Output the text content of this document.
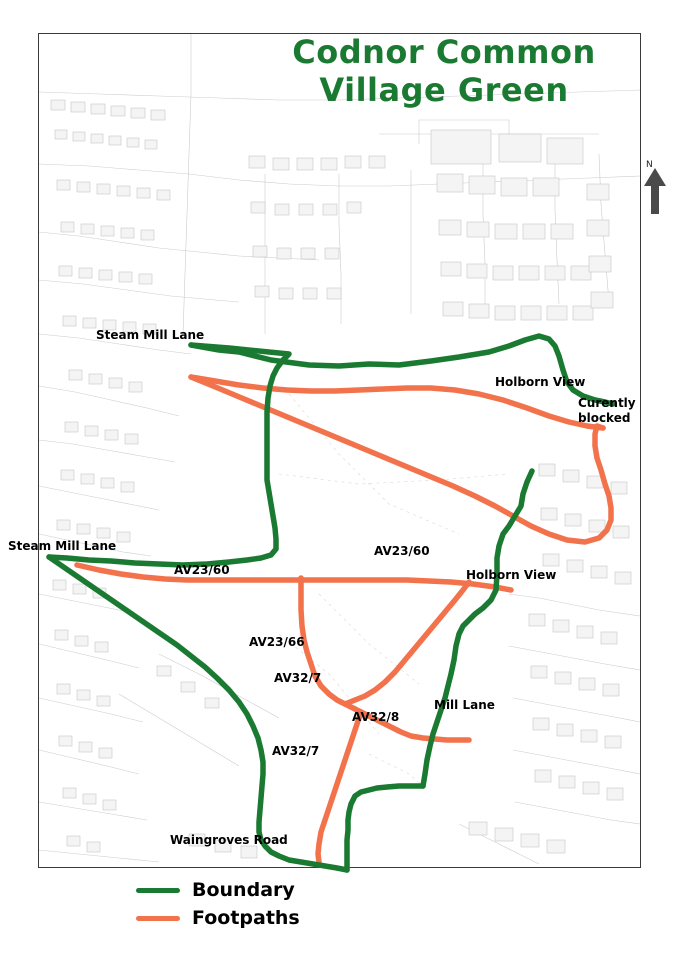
N
Codnor Common
Village Green
Steam Mill Lane
Holborn View
Curently
blocked
Steam Mill Lane
AV23/60
AV23/60
Holborn View
AV23/66
AV32/7
AV32/8
Mill Lane
AV32/7
Waingroves Road
Boundary
Footpaths
